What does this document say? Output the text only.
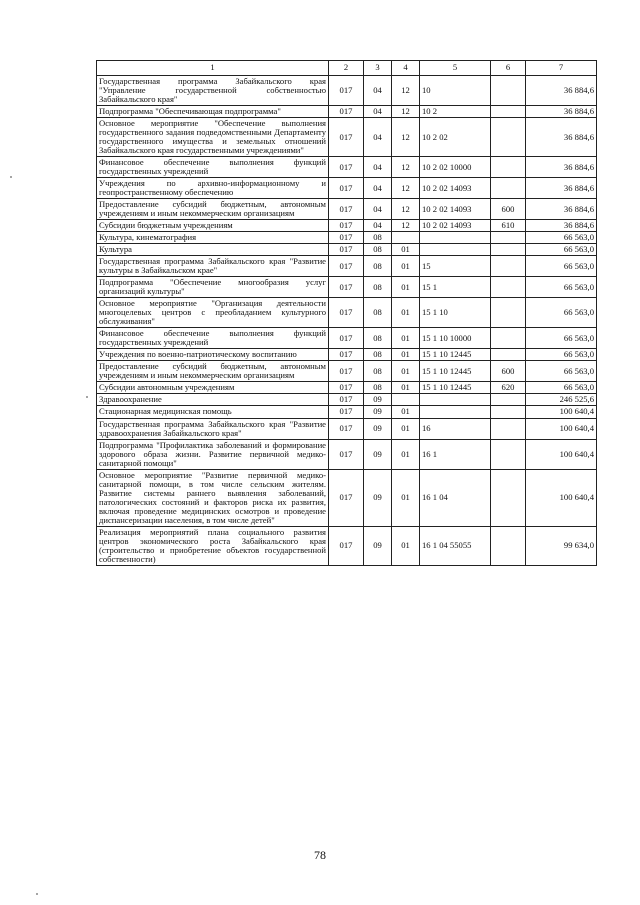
1	2	3	4	5	6	7
Государственная программа Забайкальского края "Управление государственной собственностью Забайкальского края"	017	04	12	10		36 884,6
Подпрограмма "Обеспечивающая подпрограмма"	017	04	12	10 2		36 884,6
Основное мероприятие "Обеспечение выполнения государственного задания подведомственными Департаменту государственного имущества и земельных отношений Забайкальского края государственными учреждениями"	017	04	12	10 2 02		36 884,6
Финансовое обеспечение выполнения функций государственных учреждений	017	04	12	10 2 02 10000		36 884,6
Учреждения по архивно-информационному и геопространственному обеспечению	017	04	12	10 2 02 14093		36 884,6
Предоставление субсидий бюджетным, автономным учреждениям и иным некоммерческим организациям	017	04	12	10 2 02 14093	600	36 884,6
Субсидии бюджетным учреждениям	017	04	12	10 2 02 14093	610	36 884,6
Культура, кинематография	017	08				66 563,0
Культура	017	08	01			66 563,0
Государственная программа Забайкальского края "Развитие культуры в Забайкальском крае"	017	08	01	15		66 563,0
Подпрограмма "Обеспечение многообразия услуг организаций культуры"	017	08	01	15 1		66 563,0
Основное мероприятие "Организация деятельности многоцелевых центров с преобладанием культурного обслуживания"	017	08	01	15 1 10		66 563,0
Финансовое обеспечение выполнения функций государственных учреждений	017	08	01	15 1 10 10000		66 563,0
Учреждения по военно-патриотическому воспитанию	017	08	01	15 1 10 12445		66 563,0
Предоставление субсидий бюджетным, автономным учреждениям и иным некоммерческим организациям	017	08	01	15 1 10 12445	600	66 563,0
Субсидии автономным учреждениям	017	08	01	15 1 10 12445	620	66 563,0
Здравоохранение	017	09				246 525,6
Стационарная медицинская помощь	017	09	01			100 640,4
Государственная программа Забайкальского края "Развитие здравоохранения Забайкальского края"	017	09	01	16		100 640,4
Подпрограмма "Профилактика заболеваний и формирование здорового образа жизни. Развитие первичной медико-санитарной помощи"	017	09	01	16 1		100 640,4
Основное мероприятие "Развитие первичной медико-санитарной помощи, в том числе сельским жителям. Развитие системы раннего выявления заболеваний, патологических состояний и факторов риска их развития, включая проведение медицинских осмотров и проведение диспансеризации населения, в том числе детей"	017	09	01	16 1 04		100 640,4
Реализация мероприятий плана социального развития центров экономического роста Забайкальского края (строительство и приобретение объектов государственной собственности)	017	09	01	16 1 04 55055		99 634,0
78
